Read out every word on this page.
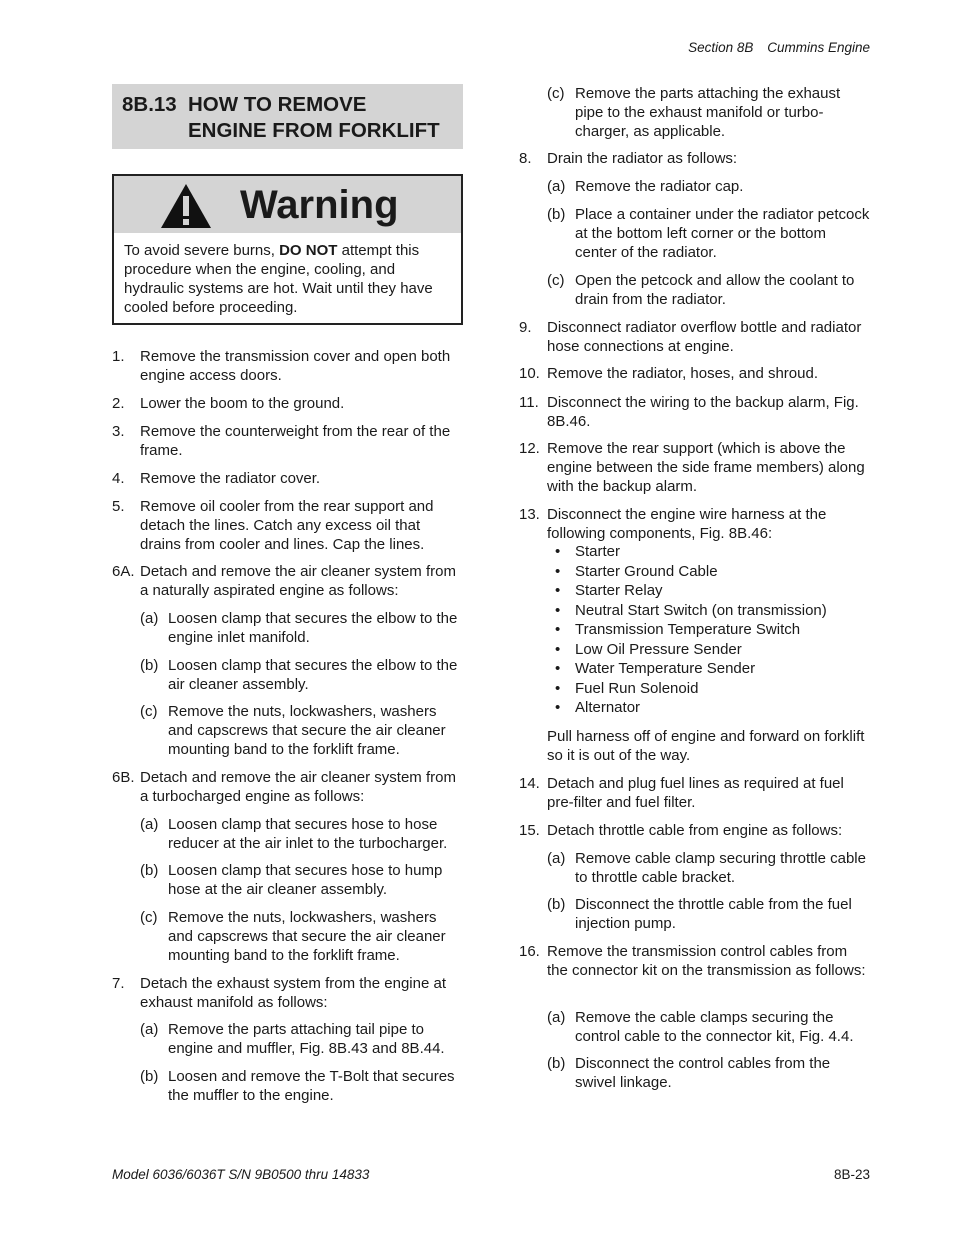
Section 8B Cummins Engine
8B.13 HOW TO REMOVE
ENGINE FROM FORKLIFT
Warning
To avoid severe burns, DO NOT attempt this procedure when the engine, cooling, and hydraulic systems are hot. Wait until they have cooled before proceeding.
1. Remove the transmission cover and open both engine access doors.
2. Lower the boom to the ground.
3. Remove the counterweight from the rear of the frame.
4. Remove the radiator cover.
5. Remove oil cooler from the rear support and detach the lines. Catch any excess oil that drains from cooler and lines. Cap the lines.
6A. Detach and remove the air cleaner system from a naturally aspirated engine as follows:
(a) Loosen clamp that secures the elbow to the engine inlet manifold.
(b) Loosen clamp that secures the elbow to the air cleaner assembly.
(c) Remove the nuts, lockwashers, washers and capscrews that secure the air cleaner mounting band to the forklift frame.
6B. Detach and remove the air cleaner system from a turbocharged engine as follows:
(a) Loosen clamp that secures hose to hose reducer at the air inlet to the turbocharger.
(b) Loosen clamp that secures hose to hump hose at the air cleaner assembly.
(c) Remove the nuts, lockwashers, washers and capscrews that secure the air cleaner mounting band to the forklift frame.
7. Detach the exhaust system from the engine at exhaust manifold as follows:
(a) Remove the parts attaching tail pipe to engine and muffler, Fig. 8B.43 and 8B.44.
(b) Loosen and remove the T-Bolt that secures the muffler to the engine.
(c) Remove the parts attaching the exhaust pipe to the exhaust manifold or turbo-charger, as applicable.
8. Drain the radiator as follows:
(a) Remove the radiator cap.
(b) Place a container under the radiator petcock at the bottom left corner or the bottom center of the radiator.
(c) Open the petcock and allow the coolant to drain from the radiator.
9. Disconnect radiator overflow bottle and radiator hose connections at engine.
10. Remove the radiator, hoses, and shroud.
11. Disconnect the wiring to the backup alarm, Fig. 8B.46.
12. Remove the rear support (which is above the engine between the side frame members) along with the backup alarm.
13. Disconnect the engine wire harness at the following components, Fig. 8B.46:
• Starter
• Starter Ground Cable
• Starter Relay
• Neutral Start Switch (on transmission)
• Transmission Temperature Switch
• Low Oil Pressure Sender
• Water Temperature Sender
• Fuel Run Solenoid
• Alternator
Pull harness off of engine and forward on forklift so it is out of the way.
14. Detach and plug fuel lines as required at fuel pre-filter and fuel filter.
15. Detach throttle cable from engine as follows:
(a) Remove cable clamp securing throttle cable to throttle cable bracket.
(b) Disconnect the throttle cable from the fuel injection pump.
16. Remove the transmission control cables from the connector kit on the transmission as follows:
(a) Remove the cable clamps securing the control cable to the connector kit, Fig. 4.4.
(b) Disconnect the control cables from the swivel linkage.
Model 6036/6036T S/N 9B0500 thru 14833	8B-23
